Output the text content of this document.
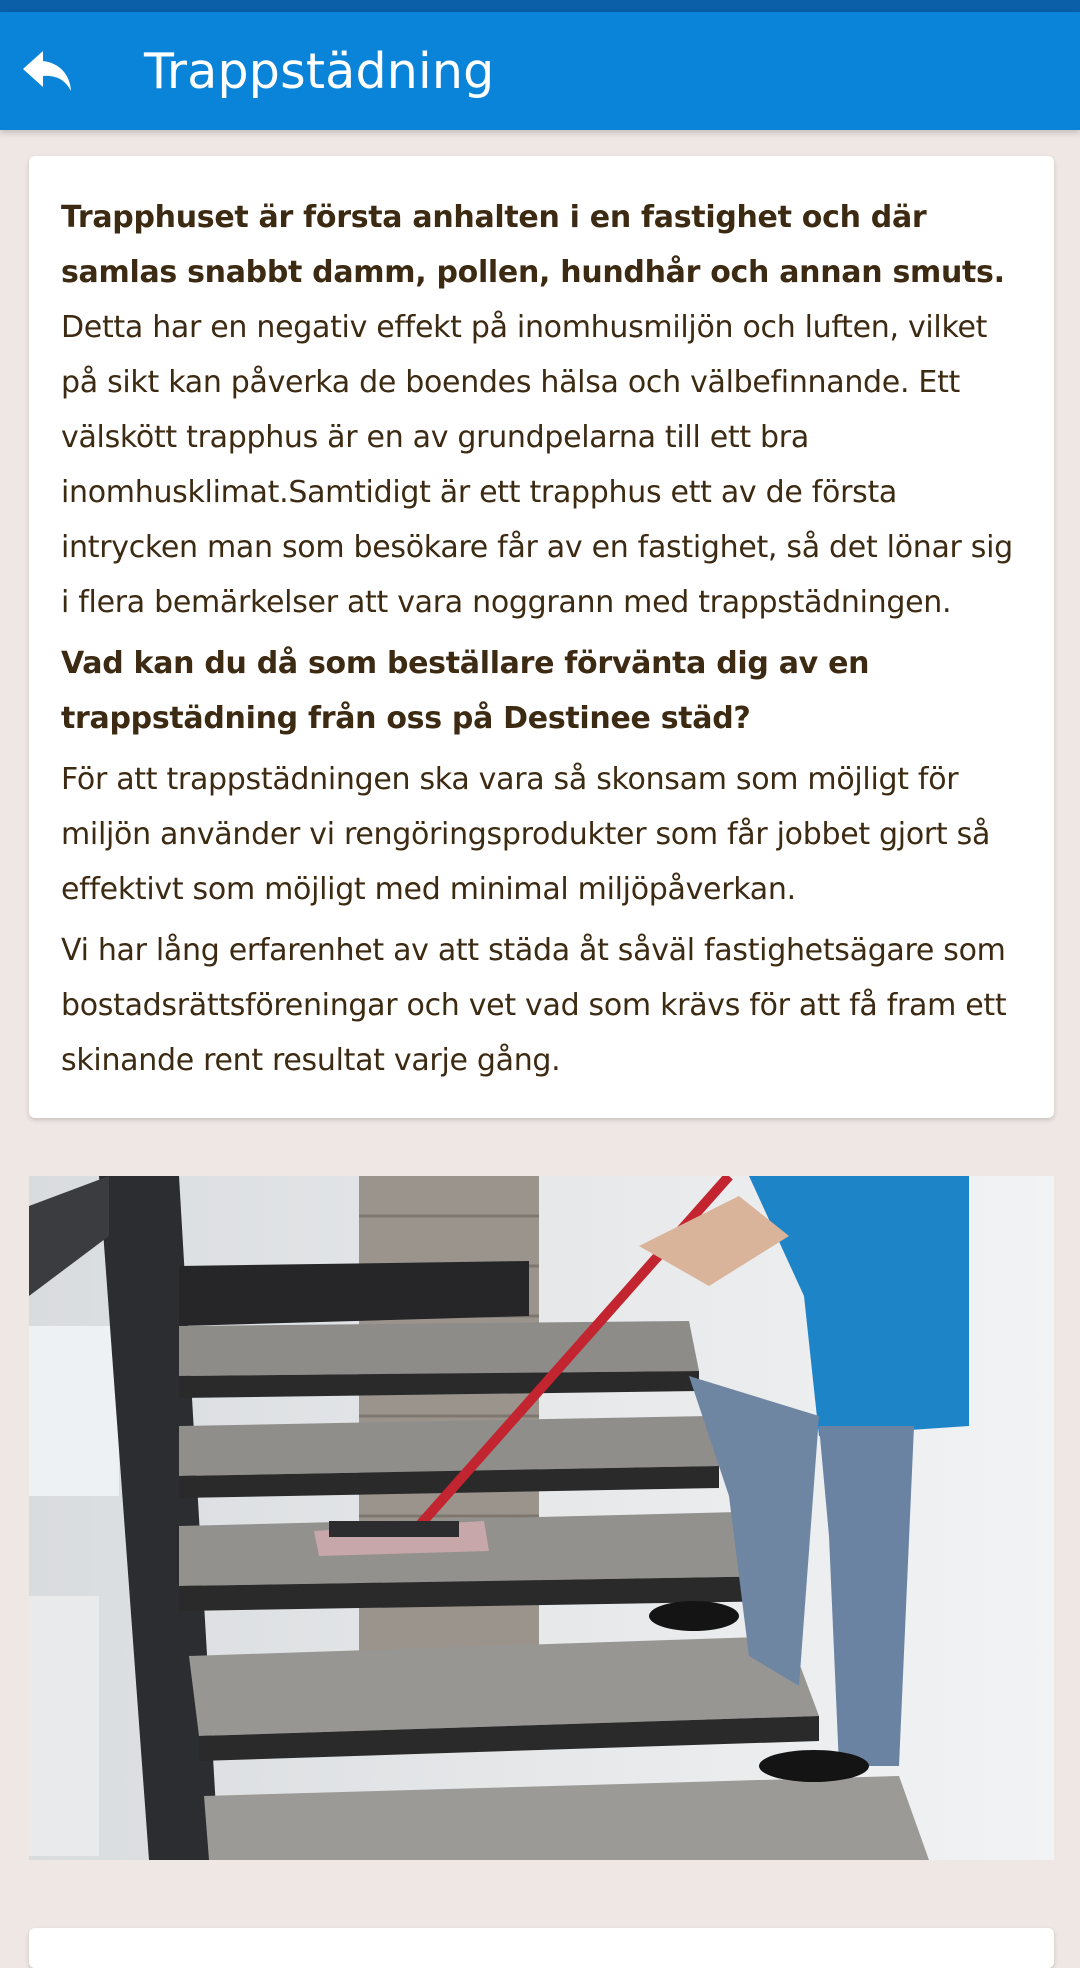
Trappstädning

Trapphuset är första anhalten i en fastighet och där samlas snabbt damm, pollen, hundhår och annan smuts. Detta har en negativ effekt på inomhusmiljön och luften, vilket på sikt kan påverka de boendes hälsa och välbefinnande. Ett välskött trapphus är en av grundpelarna till ett bra inomhusklimat.Samtidigt är ett trapphus ett av de första intrycken man som besökare får av en fastighet, så det lönar sig i flera bemärkelser att vara noggrann med trappstädningen.

Vad kan du då som beställare förvänta dig av en trappstädning från oss på Destinee städ?

För att trappstädningen ska vara så skonsam som möjligt för miljön använder vi rengöringsprodukter som får jobbet gjort så effektivt som möjligt med minimal miljöpåverkan.

Vi har lång erfarenhet av att städa åt såväl fastighetsägare som bostadsrättsföreningar och vet vad som krävs för att få fram ett skinande rent resultat varje gång.
